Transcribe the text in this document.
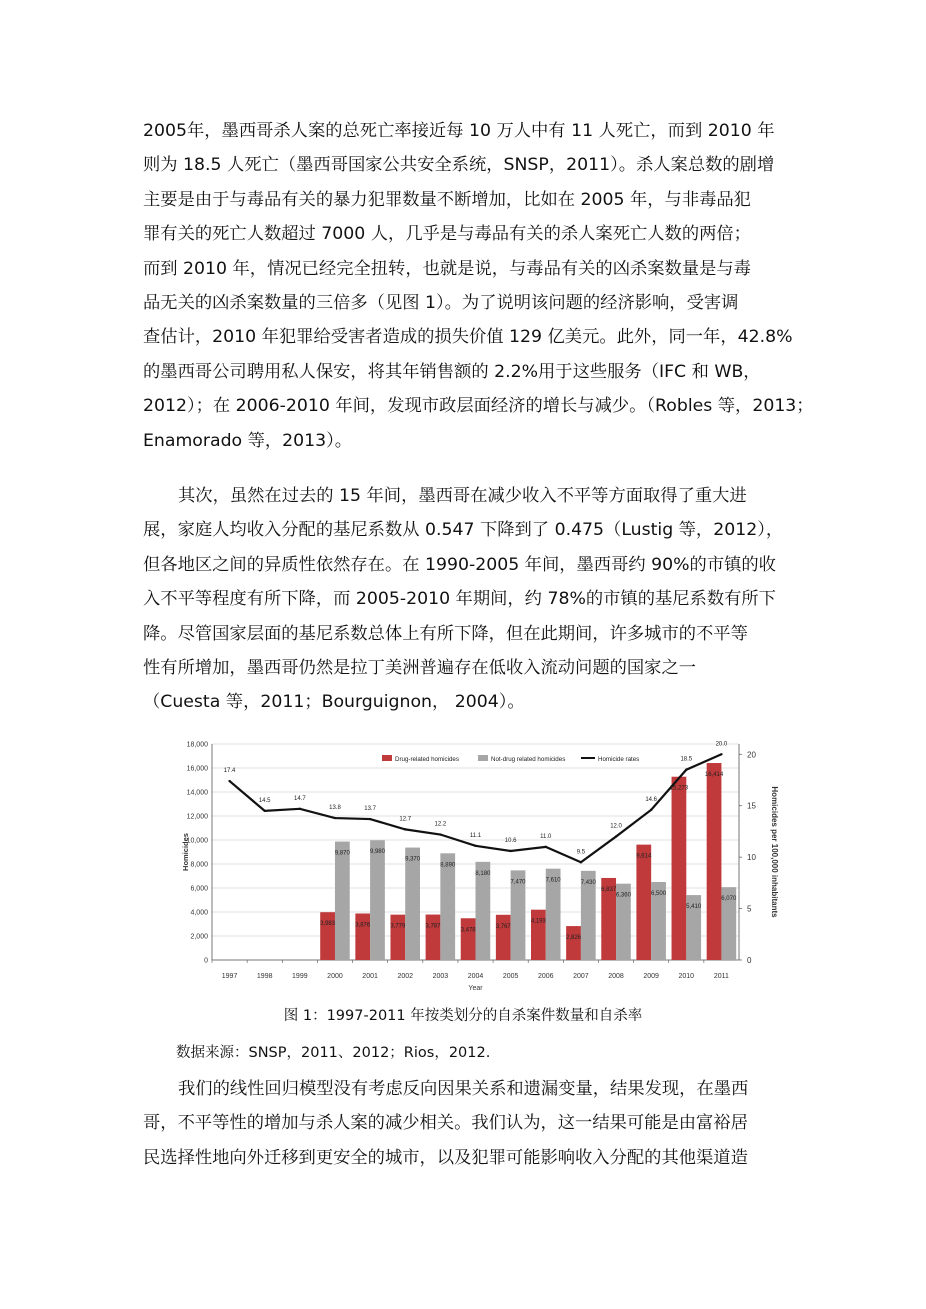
2005年，墨西哥杀人案的总死亡率接近每 10 万人中有 11 人死亡，而到 2010 年
则为 18.5 人死亡（墨西哥国家公共安全系统，SNSP，2011）。杀人案总数的剧增
主要是由于与毒品有关的暴力犯罪数量不断增加，比如在 2005 年，与非毒品犯
罪有关的死亡人数超过 7000 人，几乎是与毒品有关的杀人案死亡人数的两倍；
而到 2010 年，情况已经完全扭转，也就是说，与毒品有关的凶杀案数量是与毒
品无关的凶杀案数量的三倍多（见图 1）。为了说明该问题的经济影响，受害调
查估计，2010 年犯罪给受害者造成的损失价值 129 亿美元。此外，同一年，42.8%
的墨西哥公司聘用私人保安，将其年销售额的 2.2%用于这些服务（IFC 和 WB，
2012）；在 2006-2010 年间，发现市政层面经济的增长与减少。（Robles 等，2013；
Enamorado 等，2013）。
其次，虽然在过去的 15 年间，墨西哥在减少收入不平等方面取得了重大进
展，家庭人均收入分配的基尼系数从 0.547 下降到了 0.475（Lustig 等，2012），
但各地区之间的异质性依然存在。在 1990-2005 年间，墨西哥约 90%的市镇的收
入不平等程度有所下降，而 2005-2010 年期间，约 78%的市镇的基尼系数有所下
降。尽管国家层面的基尼系数总体上有所下降，但在此期间，许多城市的不平等
性有所增加，墨西哥仍然是拉丁美洲普遍存在低收入流动问题的国家之一
（Cuesta 等，2011；Bourguignon， 2004）。
0
2,000
4,000
6,000
8,000
10,000
12,000
14,000
16,000
18,000
0
5
10
15
20
1997	1998	1999	2000	2001	2002	2003	2004	2005	2006	2007	2008	2009	2010	2011
Year
Homicides	Homicides per 100,000 inhabitants
3,983
9,870
3,876
9,980
3,779
9,370
3,787
8,890
3,478
8,180
3,767
7,470
4,193
7,610
2,826
7,430
6,837
6,360
9,614
6,500
15,273
5,410
16,414
6,070
17.4
14.5	14.7
13.8	13.7
12.7
12.2
11.1
10.6
11.0
9.5
12.0
14.6
18.5
20.0
Drug-related homicides	Not-drug related homicides	Homicide rates
图 1：1997-2011 年按类划分的自杀案件数量和自杀率
数据来源：SNSP，2011、2012；Rios，2012.
我们的线性回归模型没有考虑反向因果关系和遗漏变量，结果发现，在墨西
哥，不平等性的增加与杀人案的减少相关。我们认为，这一结果可能是由富裕居
民选择性地向外迁移到更安全的城市，以及犯罪可能影响收入分配的其他渠道造
